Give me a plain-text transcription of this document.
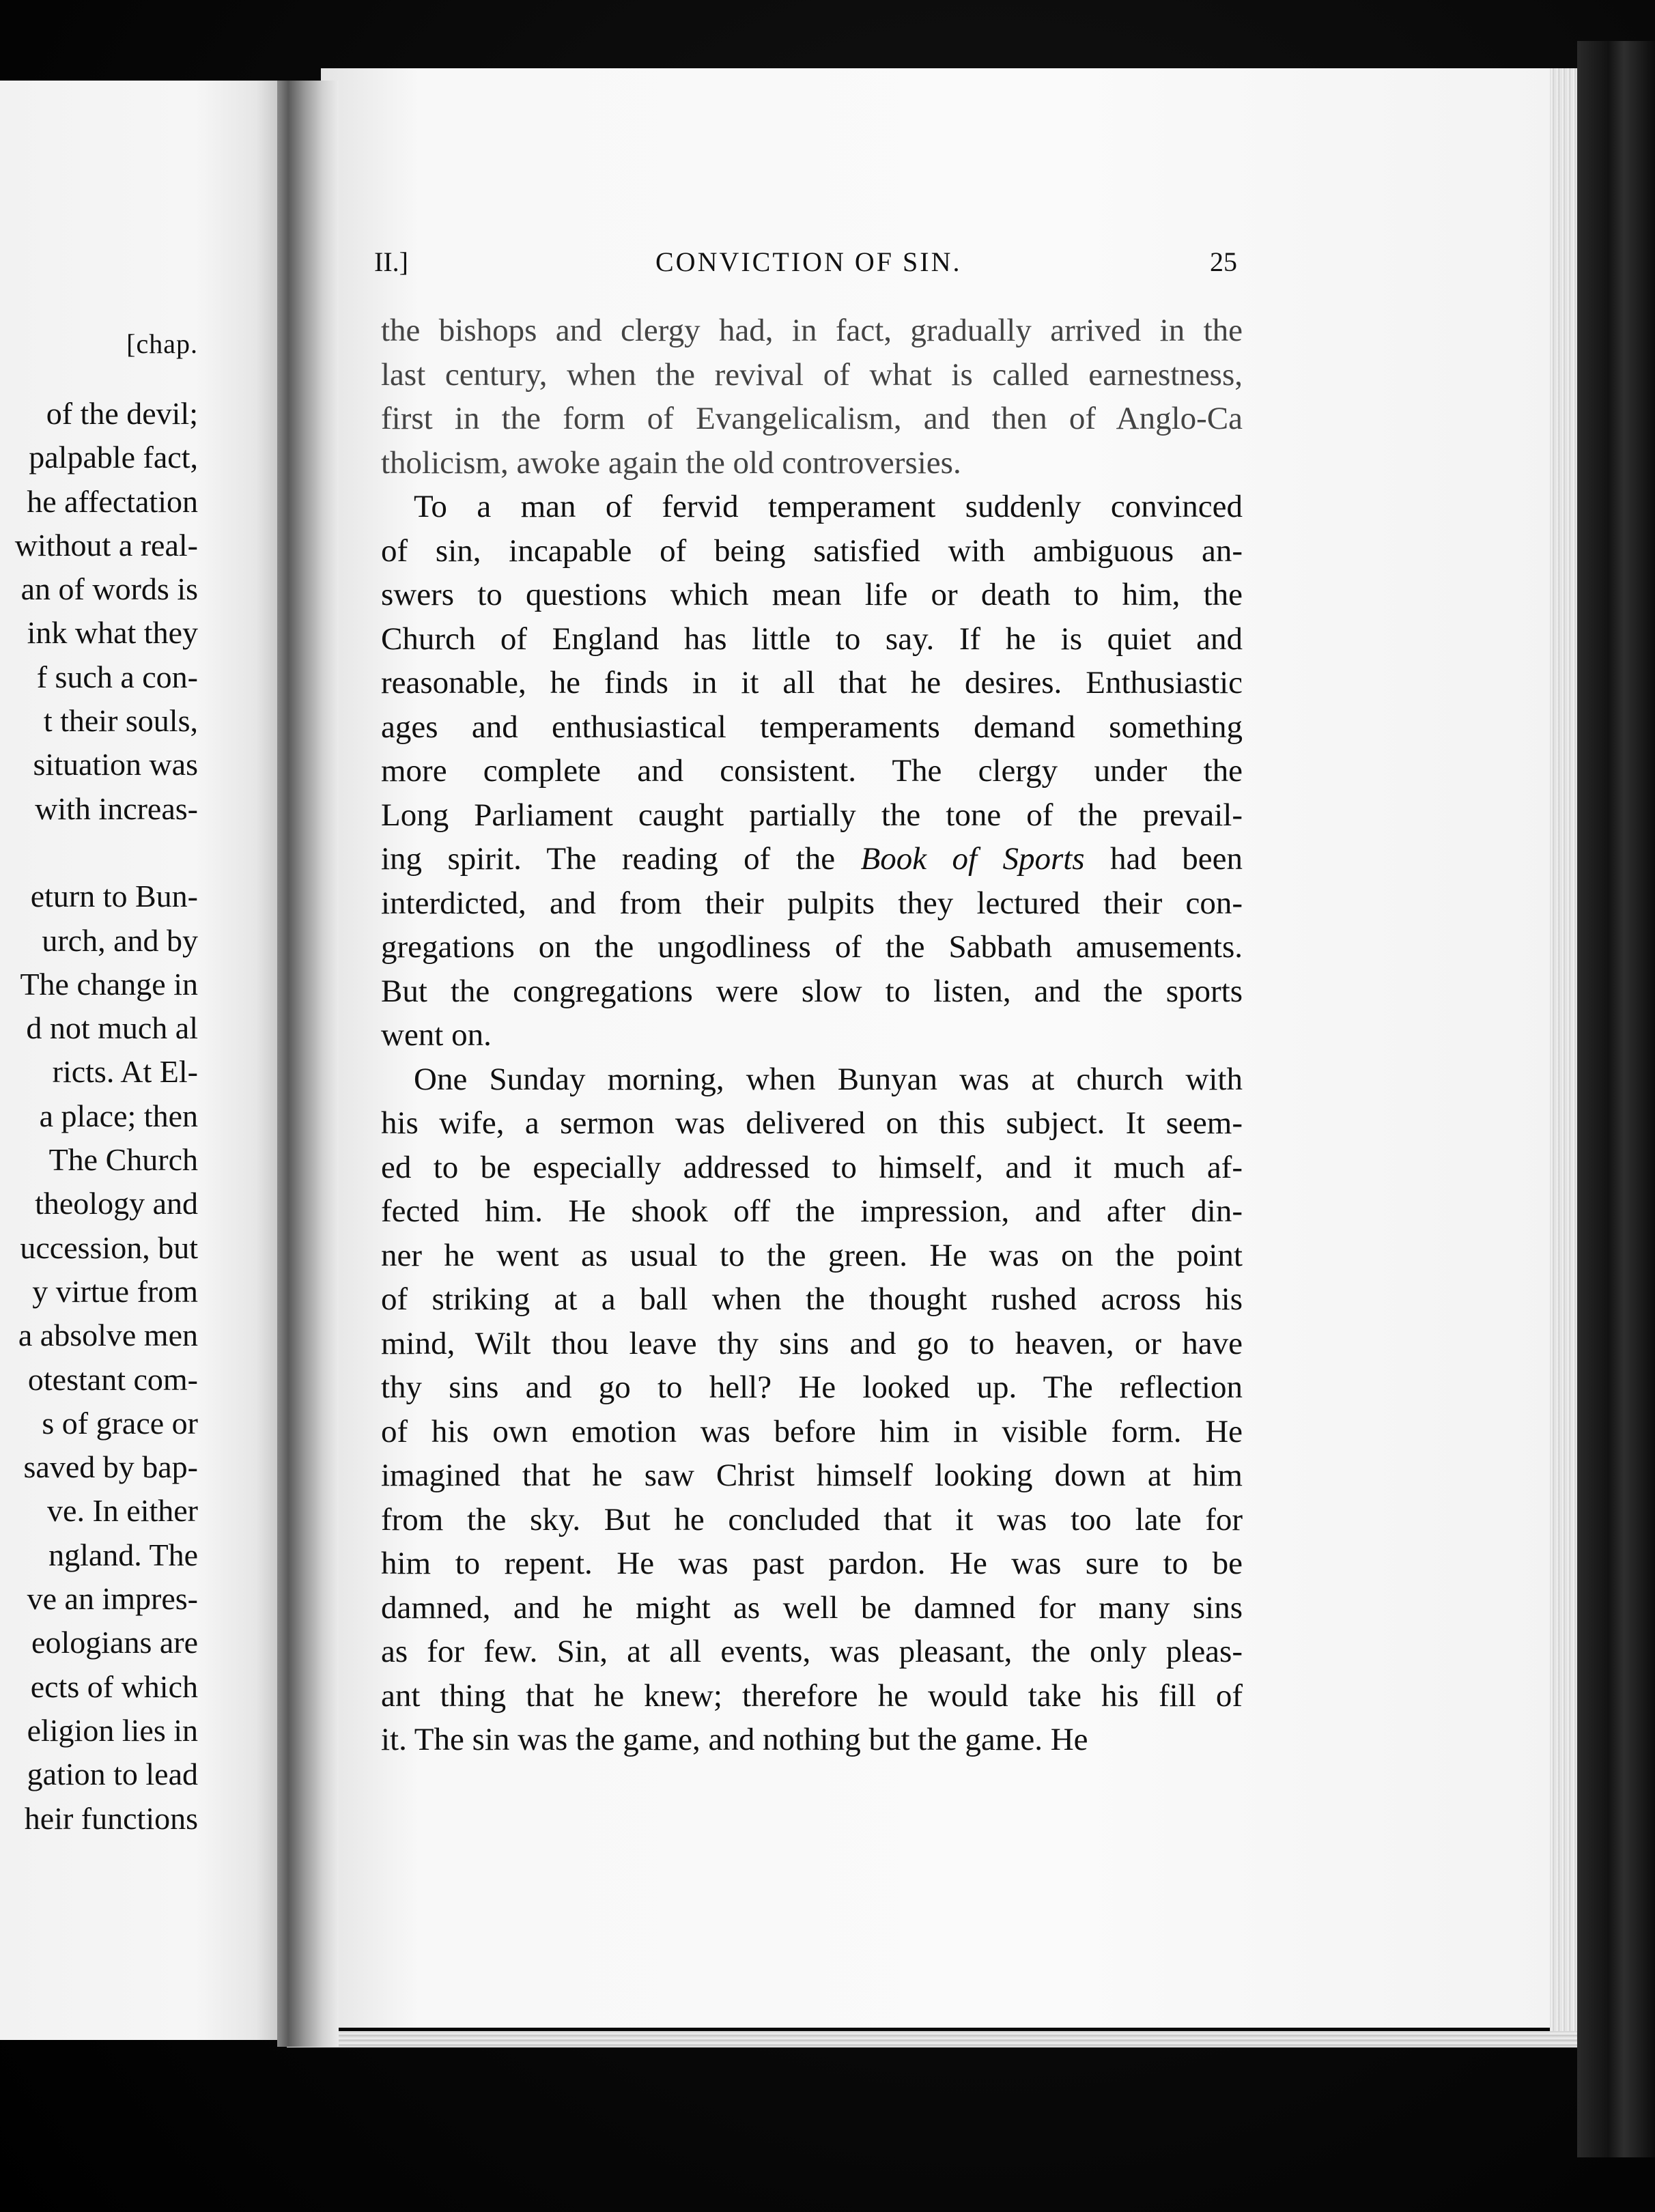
[chap.
of the devil;
palpable fact,
he affectation
without a real-
an of words is
ink what they
f such a con-
t their souls,
situation was
with increas-

eturn to Bun-
urch, and by
The change in
d not much al
ricts. At El-
a place; then
The Church
theology and
uccession, but
y virtue from
a absolve men
otestant com-
s of grace or
saved by bap-
ve. In either
ngland. The
ve an impres-
eologians are
ects of which
eligion lies in
gation to lead
heir functions
II.]	CONVICTION OF SIN.	25
the bishops and clergy had, in fact, gradually arrived in the
last century, when the revival of what is called earnestness,
first in the form of Evangelicalism, and then of Anglo-Ca
tholicism, awoke again the old controversies.
To a man of fervid temperament suddenly convinced
of sin, incapable of being satisfied with ambiguous an-
swers to questions which mean life or death to him, the
Church of England has little to say. If he is quiet and
reasonable, he finds in it all that he desires. Enthusiastic
ages and enthusiastical temperaments demand something
more complete and consistent. The clergy under the
Long Parliament caught partially the tone of the prevail-
ing spirit. The reading of the Book of Sports had been
interdicted, and from their pulpits they lectured their con-
gregations on the ungodliness of the Sabbath amusements.
But the congregations were slow to listen, and the sports
went on.
One Sunday morning, when Bunyan was at church with
his wife, a sermon was delivered on this subject. It seem-
ed to be especially addressed to himself, and it much af-
fected him. He shook off the impression, and after din-
ner he went as usual to the green. He was on the point
of striking at a ball when the thought rushed across his
mind, Wilt thou leave thy sins and go to heaven, or have
thy sins and go to hell? He looked up. The reflection
of his own emotion was before him in visible form. He
imagined that he saw Christ himself looking down at him
from the sky. But he concluded that it was too late for
him to repent. He was past pardon. He was sure to be
damned, and he might as well be damned for many sins
as for few. Sin, at all events, was pleasant, the only pleas-
ant thing that he knew; therefore he would take his fill of
it. The sin was the game, and nothing but the game. He
